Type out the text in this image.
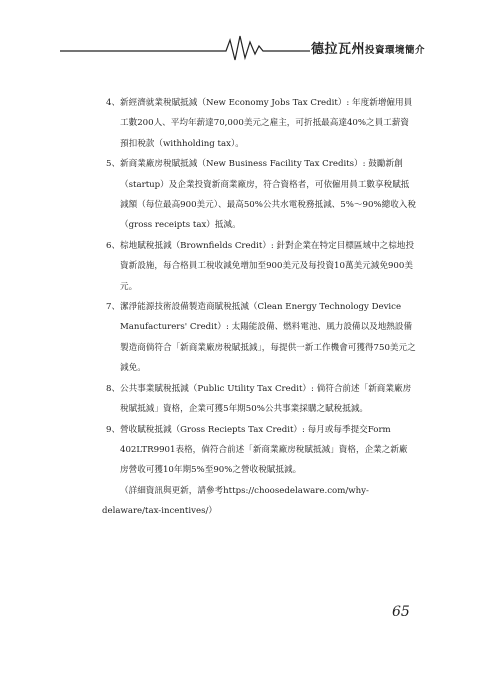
德拉瓦州投資環境簡介
4、 新經濟就業稅賦抵減（New Economy Jobs Tax Credit）: 年度新增僱用員工數200人、平均年薪達70,000美元之雇主，可折抵最高達40%之員工薪資預扣稅款（withholding tax）。
5、 新商業廠房稅賦抵減（New Business Facility Tax Credits）: 鼓勵新創（startup）及企業投資新商業廠房，符合資格者，可依僱用員工數享稅賦抵減額（每位最高900美元）、最高50%公共水電稅務抵減、5%～90%總收入稅（gross receipts tax）抵減。
6、 棕地賦稅抵減（Brownfields Credit）: 針對企業在特定目標區域中之棕地投資新設施，每合格員工稅收減免增加至900美元及每投資10萬美元減免900美元。
7、 潔淨能源技術設備製造商賦稅抵減（Clean Energy Technology Device Manufacturers' Credit）: 太陽能設備、燃料電池、風力設備以及地熱設備製造商倘符合「新商業廠房稅賦抵減」，每提供一新工作機會可獲得750美元之減免。
8、 公共事業賦稅抵減（Public Utility Tax Credit）: 倘符合前述「新商業廠房稅賦抵減」資格，企業可獲5年期50%公共事業採購之賦稅抵減。
9、 營收賦稅抵減（Gross Reciepts Tax Credit）: 每月或每季提交Form 402LTR9901表格，倘符合前述「新商業廠房稅賦抵減」資格，企業之新廠房營收可獲10年期5%至90%之營收稅賦抵減。
（詳細資訊與更新，請參考https://choosedelaware.com/why-delaware/tax-incentives/）
65
